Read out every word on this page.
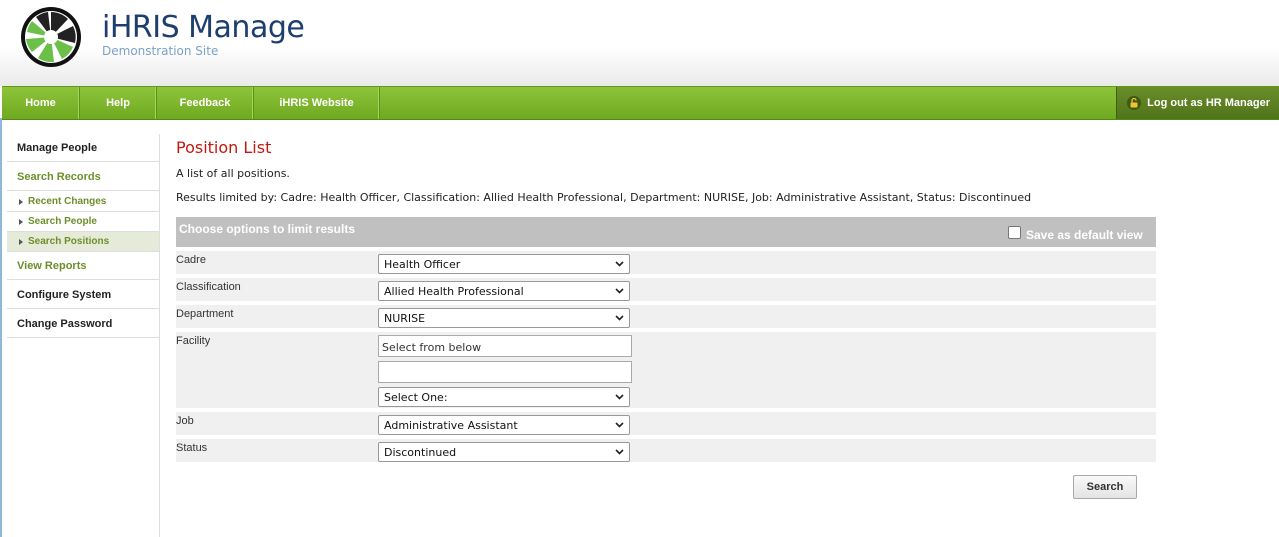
iHRIS Manage
Demonstration Site
Home	Help	Feedback	iHRIS Website	Log out as HR Manager
Manage People
Search Records
Recent Changes
Search People
Search Positions
View Reports
Configure System
Change Password
Position List
A list of all positions.
Results limited by: Cadre: Health Officer, Classification: Allied Health Professional, Department: NURISE, Job: Administrative Assistant, Status: Discontinued
Choose options to limit results	Save as default view
Cadre	Health Officer
Classification	Allied Health Professional
Department	NURISE
Facility	Select from below
Select One:
Job	Administrative Assistant
Status	Discontinued
Search
